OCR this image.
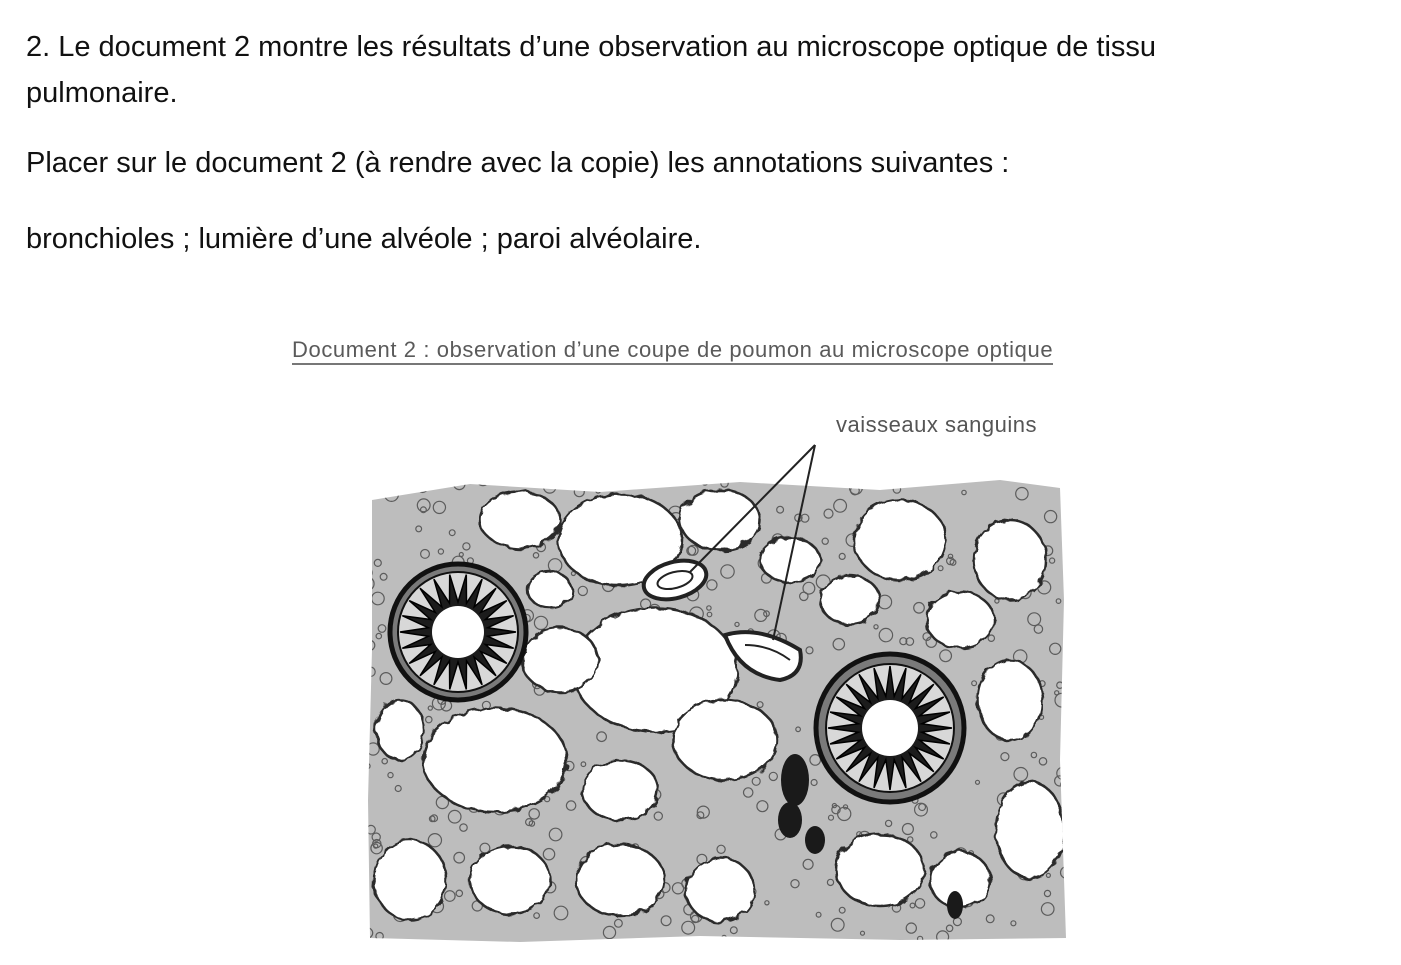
2. Le document 2 montre les résultats d’une observation au microscope optique de tissu
pulmonaire.

Placer sur le document 2 (à rendre avec la copie) les annotations suivantes :

bronchioles ; lumière d’une alvéole ; paroi alvéolaire.

Document 2 : observation d’une coupe de poumon au microscope optique
vaisseaux sanguins
